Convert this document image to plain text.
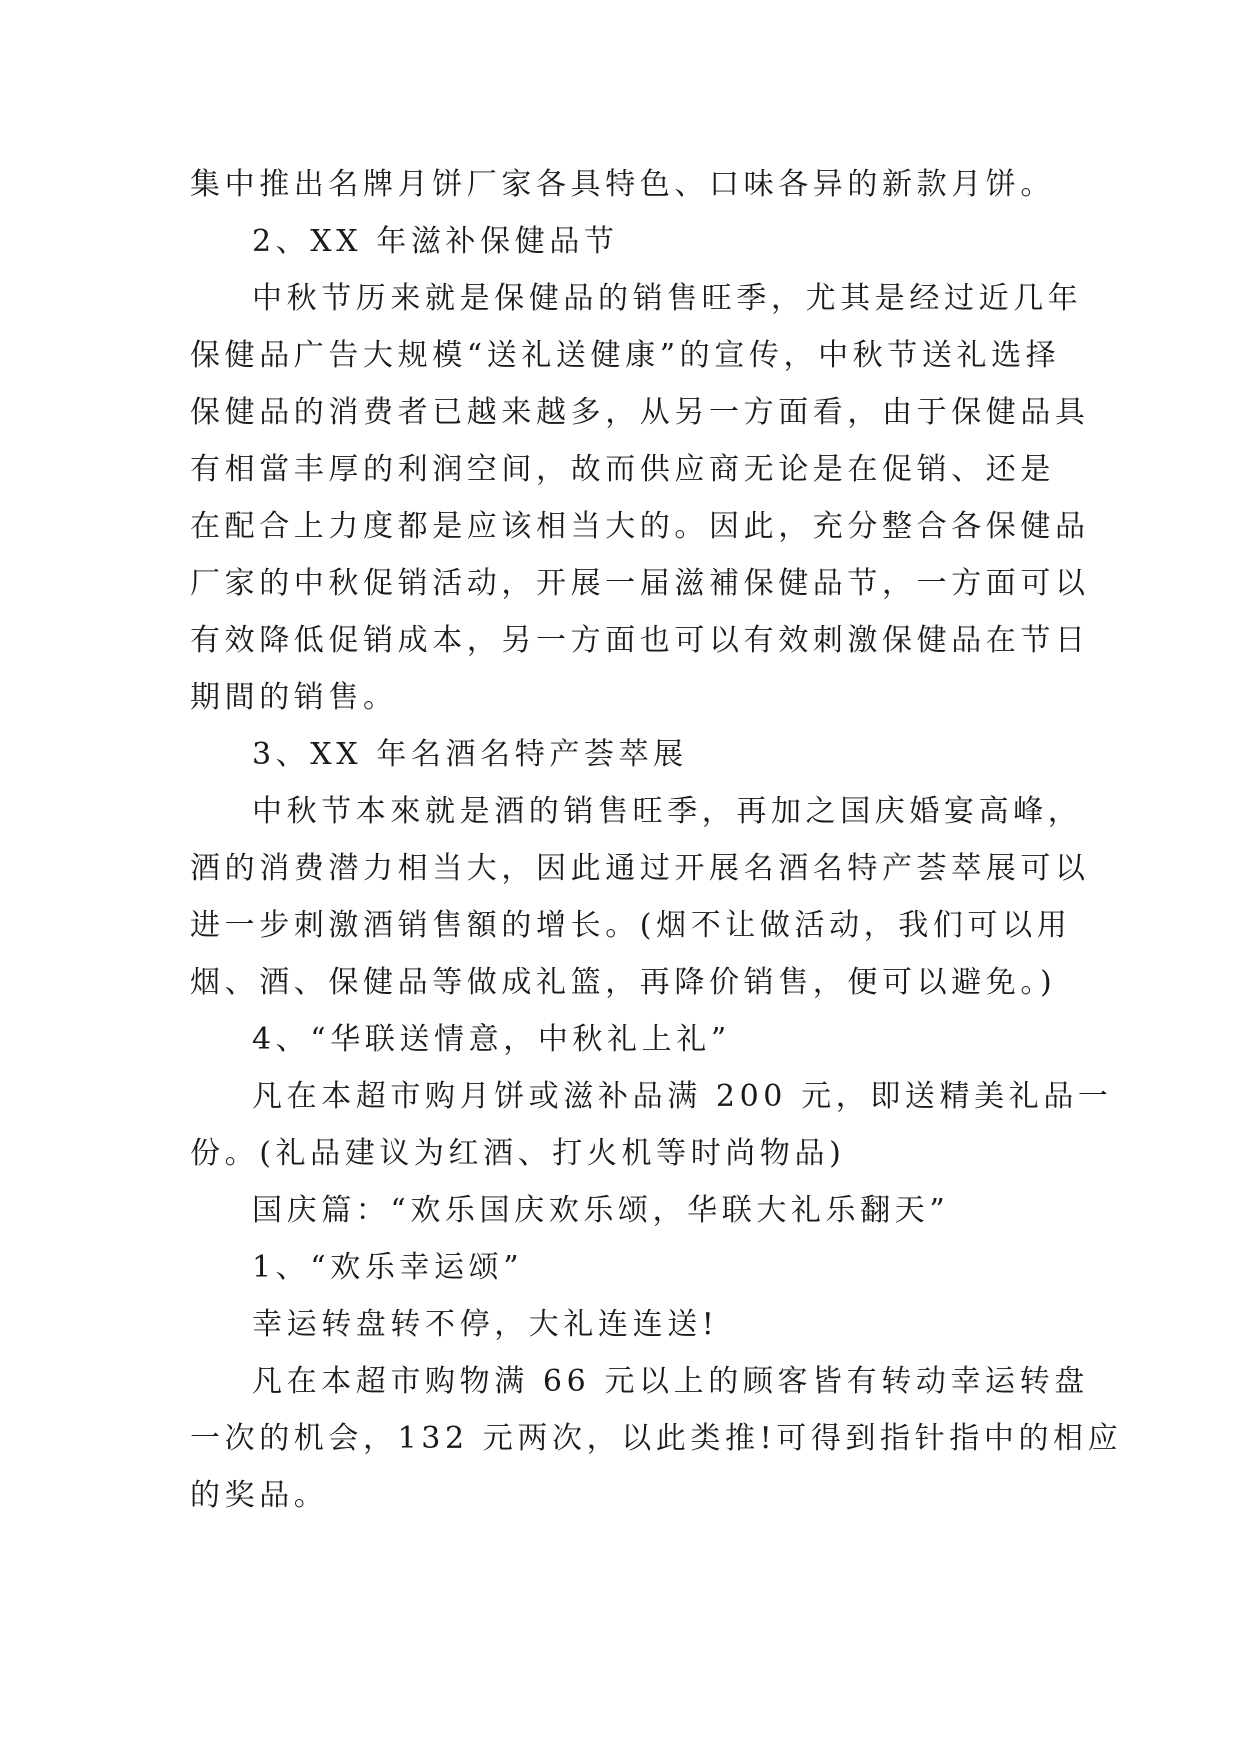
集中推出名牌月饼厂家各具特色、口味各异的新款月饼。
2、XX 年滋补保健品节
中秋节历来就是保健品的销售旺季，尤其是经过近几年
保健品广告大规模“送礼送健康”的宣传，中秋节送礼选择
保健品的消费者已越来越多，从另一方面看，由于保健品具
有相當丰厚的利润空间，故而供应商无论是在促销、还是
在配合上力度都是应该相当大的。因此，充分整合各保健品
厂家的中秋促销活动，开展一届滋補保健品节，一方面可以
有效降低促销成本，另一方面也可以有效刺激保健品在节日
期間的销售。
3、XX 年名酒名特产荟萃展
中秋节本來就是酒的销售旺季，再加之国庆婚宴高峰，
酒的消费潜力相当大，因此通过开展名酒名特产荟萃展可以
进一步刺激酒销售額的增长。(烟不让做活动，我们可以用
烟、酒、保健品等做成礼篮，再降价销售，便可以避免。)
4、“华联送情意，中秋礼上礼”
凡在本超市购月饼或滋补品满 200 元，即送精美礼品一
份。(礼品建议为红酒、打火机等时尚物品)
国庆篇：“欢乐国庆欢乐颂，华联大礼乐翻天”
1、“欢乐幸运颂”
幸运转盘转不停，大礼连连送!
凡在本超市购物满 66 元以上的顾客皆有转动幸运转盘
一次的机会，132 元两次，以此类推!可得到指针指中的相应
的奖品。
